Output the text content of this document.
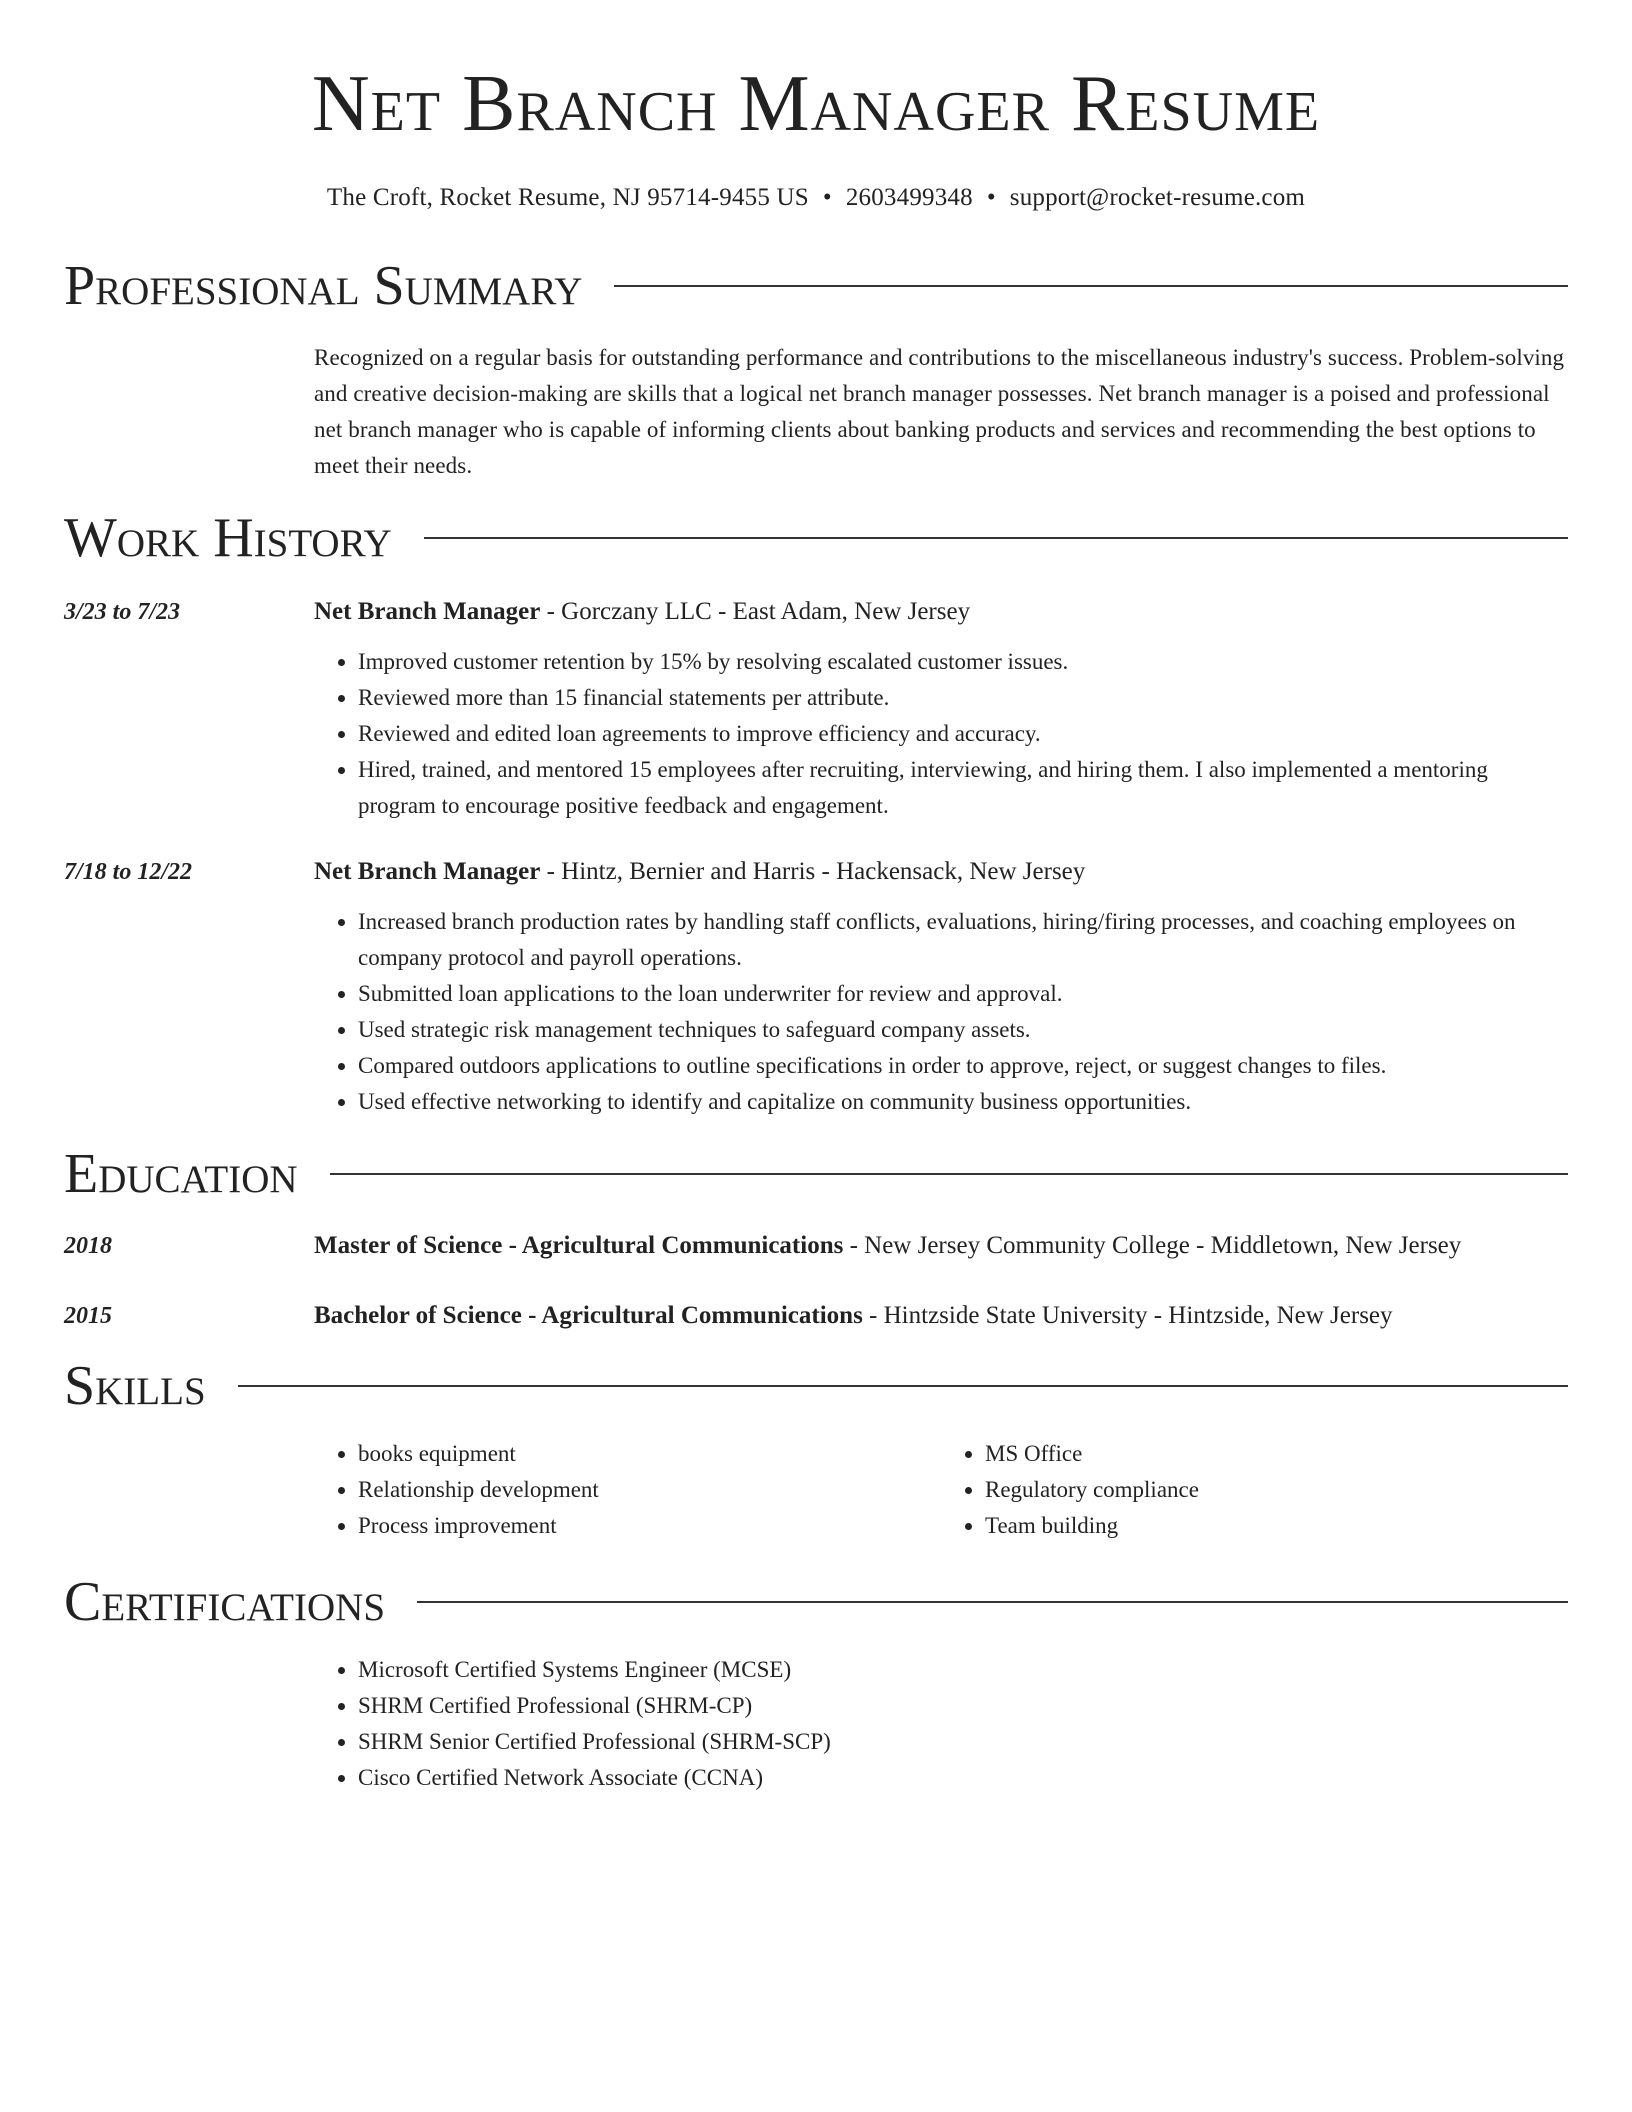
Net Branch Manager Resume
The Croft, Rocket Resume, NJ 95714-9455 US • 2603499348 • support@rocket-resume.com
Professional Summary
Recognized on a regular basis for outstanding performance and contributions to the miscellaneous industry's success. Problem-solving and creative decision-making are skills that a logical net branch manager possesses. Net branch manager is a poised and professional net branch manager who is capable of informing clients about banking products and services and recommending the best options to meet their needs.
Work History
3/23 to 7/23	Net Branch Manager - Gorczany LLC - East Adam, New Jersey
• Improved customer retention by 15% by resolving escalated customer issues.
• Reviewed more than 15 financial statements per attribute.
• Reviewed and edited loan agreements to improve efficiency and accuracy.
• Hired, trained, and mentored 15 employees after recruiting, interviewing, and hiring them. I also implemented a mentoring program to encourage positive feedback and engagement.
7/18 to 12/22	Net Branch Manager - Hintz, Bernier and Harris - Hackensack, New Jersey
• Increased branch production rates by handling staff conflicts, evaluations, hiring/firing processes, and coaching employees on company protocol and payroll operations.
• Submitted loan applications to the loan underwriter for review and approval.
• Used strategic risk management techniques to safeguard company assets.
• Compared outdoors applications to outline specifications in order to approve, reject, or suggest changes to files.
• Used effective networking to identify and capitalize on community business opportunities.
Education
2018	Master of Science - Agricultural Communications - New Jersey Community College - Middletown, New Jersey
2015	Bachelor of Science - Agricultural Communications - Hintzside State University - Hintzside, New Jersey
Skills
• books equipment
• Relationship development
• Process improvement
• MS Office
• Regulatory compliance
• Team building
Certifications
• Microsoft Certified Systems Engineer (MCSE)
• SHRM Certified Professional (SHRM-CP)
• SHRM Senior Certified Professional (SHRM-SCP)
• Cisco Certified Network Associate (CCNA)
